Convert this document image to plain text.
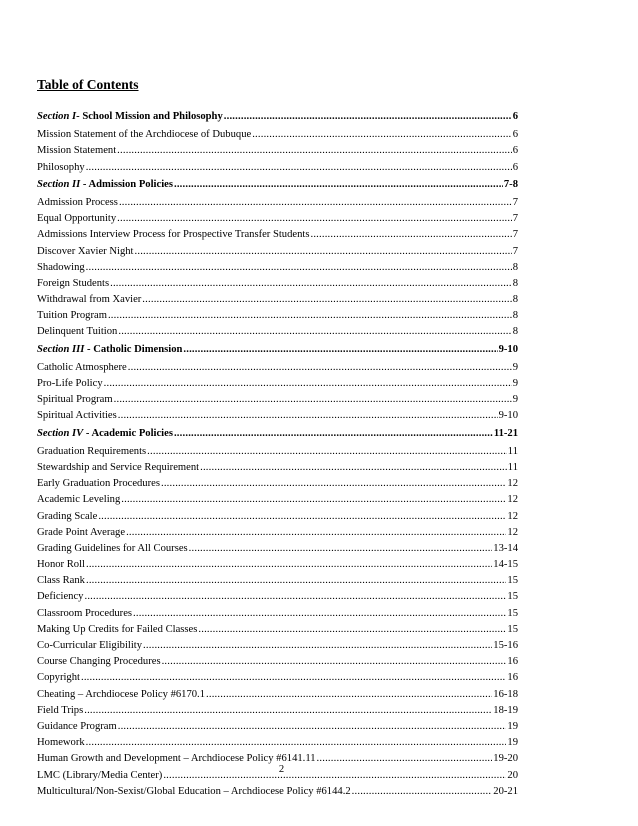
Table of Contents
Section I- School Mission and Philosophy .....	6
Mission Statement of the Archdiocese of Dubuque .....	6
Mission Statement .....	6
Philosophy .....	6
Section II - Admission Policies .....	7-8
Admission Process .....	7
Equal Opportunity .....	7
Admissions Interview Process for Prospective Transfer Students .....	7
Discover Xavier Night .....	7
Shadowing .....	8
Foreign Students .....	8
Withdrawal from Xavier .....	8
Tuition Program .....	8
Delinquent Tuition .....	8
Section III - Catholic Dimension .....	9-10
Catholic Atmosphere .....	9
Pro-Life Policy .....	9
Spiritual Program .....	9
Spiritual Activities .....	9-10
Section IV - Academic Policies .....	11-21
Graduation Requirements .....	11
Stewardship and Service Requirement .....	11
Early Graduation Procedures .....	12
Academic Leveling .....	12
Grading Scale .....	12
Grade Point Average .....	12
Grading Guidelines for All Courses .....	13-14
Honor Roll .....	14-15
Class Rank .....	15
Deficiency .....	15
Classroom Procedures .....	15
Making Up Credits for Failed Classes .....	15
Co-Curricular Eligibility .....	15-16
Course Changing Procedures .....	16
Copyright .....	16
Cheating – Archdiocese Policy #6170.1 .....	16-18
Field Trips .....	18-19
Guidance Program .....	19
Homework .....	19
Human Growth and Development – Archdiocese Policy #6141.11 .....	19-20
LMC (Library/Media Center) .....	20
Multicultural/Non-Sexist/Global Education – Archdiocese Policy #6144.2 .....	20-21
2
